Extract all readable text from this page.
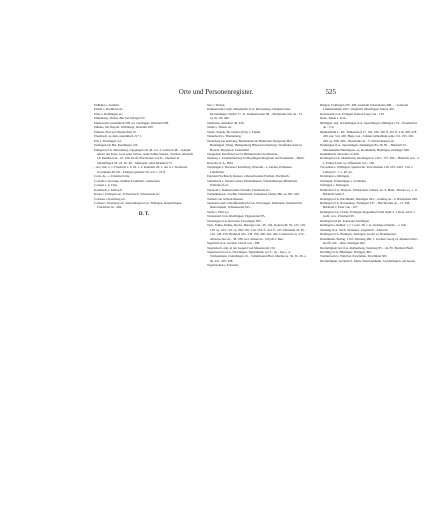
Orte und Personenregister.	525

Eldhaller s. Karhalt.

Eltzell s. Rechhorn etc.

Eltze s. Renhingen etc.

Elmenberg, Tiefen- Bur bei Stuttgart 97.

Elsenweiler, unermittelt 299 col. Gertingen, Oberland 208.

Ebhaus, bei Nagold. Walchberg, Oberamt 209.

Elfenau, Flur bei Oberkochen 70.

Elsenbach, ze dem, unermittelt 217 f.

Eltz s. Fleisingen col.

Esslingen bei Bis. Reutlingen 120.

Eningen (O.A. Herrenberg, Cuppingen 20. 40. col. 3. Gerbach 48. - Adolph: Albert der Freie, Gotz seine Witwe, seine Söhne Werner, Trechter, Albrecht 18. Reinhard de - 22. 236. Kraft, Pfarrvicker von K., Charbott in Sindelfingen 18. 43. 46. 48. - Markgraf, seine Reinhard 75.

- rect. mit. a. 1. Friedrich v. d. 29. 1. 2. Ramdals 28. 1. der n. 1. Kerkersh, Gorttmann 48. 68. - Ebingen genannt 50. rect. r. 23 ff.

Corta, de - s. Ernesbach die.

Corealis s. Kosaine, Osmbach sammelt. Gleisecken.

Corteen s. n. Char.

Karlebach s. Kerbach.

Karen s. Estingen etc. Schwertlach, Schornstein etc.

Cotrisan s. Kornberg etc.

Cotlsen s. Kornberg etc. Karterdingen O.A. Tübingen, Kusterdingen. Friedrichs de - 406.

D. T.

Tax s. Tholen.

Dankenweiler Gem. Hausmalde O.A. Ravensburg, Dankenweiler, Derrendinger, Weiler 77. 31. Dankenweiler 68. - Bartholdus mil. de - 31. sq. 91. 90. 490.

Tambruns, Amtsherr 49, 430.

Tanne s. Thann, etc.

Tanne, Stande, für Tanner (674). s. Thann.

Tanneberch s. Thanneberg.

Tanneberg bei Isenburg, Bleibentum bei Heilbronn, Bergarten Hof, Breiningen, Wang, Heiligenberg Biberach Osterberg, Wolfelden dazu in Bodolz. Bergarten. Taubenthal.

Tarpgeben, Kirchberg ber bi Heimenweiler bei Rustrau.

Tatzberg s. Ustsheimerberg bei Bopfingen Bergarten bei Freudental. - Helm.

Dawolle O. A., Bild.

Tautzingen s. Dortetzer Kirchberg, Oberamt - s. Lindau, Ebhausen Leinfelden.

Egolden Fischbach, Kieners. Oberschwaben Fischen, Fischbach.

Tiefenbach s. Stetten Geisel, Hattenhausen, Württemberger Mittelbach, Wittendorf etc.

Tierstein s. Dankenweiler Dwinde, Fischbach etc.

Tonnenhausen, von Bur Tiefenbach. Taunensee Weiler 980. sq. 961, 981.

Tonnen von Schwarzhausen.

Taeubern Gem. Oberfürstenbach O.A. Ellwangen, Dollmann, Talsheim 84. Reiterstetten, Schandoedel 245.

Taube s. Hell etc.

Taunzadorf O.A. Riedlingen, Tägerendorf 85.

Tausengen O.A. Rottweil, Trossingen 385.

Teck, Tekke, Dekke, Decke, Herzoge von - 95. 104. Konrad 49. 95. 125. 129. 138. sq. 163. 176. sq. 208. 205. 210. 254. ft. 414. ft. 415. Hermann 42. 85. 126. 128. 250. Heinrich 235. 238. 259. 260. 262. 266. Ludewicus sq. 274. - Albertus dux de - 38. 188. sod. domus de - Ulrych s. Bart.

Tegerfeld O.A. Gerdelt. Ulrich von - 368.

Tegernbach, abg. in der Gegend von Mauenwald 219.

Tegernsee bei O.A. Überlingen, Tegernheim, sol. C. de - Ires s. 4. Schönemann, Cleindingen 10. - Schaltfreund Bart. Murdie sq. 30. 36. 36. s. 82. 221. 205. 308.

Tegerbuchen s. Eckstein.

Dingen, Trolfingen 207. 486, profitum Sobershafen 486. - - Leibwurt Lindentrumme 200 t. Wagfelld; Olledingen; Maure 456.

Dettenstein O.A. Ebingen Konrad Lang von - 139.

Dede, Tadde s. Teck.

Dillingen, abg. bei Ablingen O.A. Spaichingen, Dillingen 174. - Eberhardus de - 174.

Dinkelsheim C. KL. Dinkelsdorf 27. 192. 196. 200 ff. 310 ff. 419. 458. 478. 200. par. 314. 465. Hugo von - Johann Gilberthain seine 131. 195. 196. 299. sq. 298. 299. - Bernardus de - 5. Schwerhausen etc.

Donkingen O.A. Sprechingen, Dunkingen 84. 28. 85. - Heinrich 52. Mantelsheim Huntington, sq. Kernhamm, Heintigen, Oettinger 368.

Dephinbuch, discretus vir 406.

Derdingen O.A. Maulbronn, Dredingen sl. 140 f. 175. 360. - Heinrich von - 4. s. Ernbach mil. sq. Offenbach von - 100.

Tuccunlan s. Wiltingen. Spirmoche, Stracchelden 130. 235. 240 f. 150. s. Laiband v. 1. 5. 48. 42.

Derdingen s. Dittingen.

Tottmann, Termaringen s. Tottmann.

Tottingen s. Dettingen.

Dettkofen O.A. Tharpen, Trittkirchen, Unterk. no. 9. Hohe - Bruder sq. 1. 11. Barthold Sohn 3.

Dettingen O.A. Kirchheim, Dettingen 294. - Ganting de - 4. Barbaratha 298.

Dettingen O.A. Rottenburg, Trittingen 337. - Berchtoldus de - 13. 368. Berthold v. Peter von - 227.

Dettingen O.A. Urach, Tettingen, Regensbach und mehr 4. 1 Dorf, ein 8. s. Geth. von - Eberhard 95.

Dettingen bei Rt. Konstanz, Dettingen.

Dettingen a. Rahlen 1-7 1. Gen. 38. 1. K. Krumpe Krumm ... s. Seb.

Tettnang O.A. Stadt, Tettenanc. Tegelbach - Albrecht.

Dettingen O.A. Balingen, Tettingen. Gertel sq. Baumgarten.

Dattenheim, Boling. 1 Inf. Tettnang 486; 1. Greiner Georg of. Ammon Peter - Krafft 100. - Ober-Tettingen 400.

Dreifaltigkeit bei O.A. Rothenberg, Tanzberg 85. - de. 85. Berthold Bach.

Dreifling O.A. Biblingen, Tittingen 496.

Tretthofwald s. Wald bei Zwiefalten, Tirschholz 305.

Dreifaltigkeit, bei Roth S. Marie Theresienheim, Josedelinskon, die herren
